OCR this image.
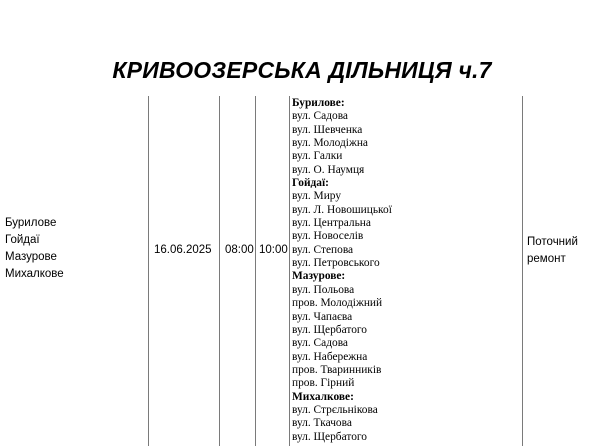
КРИВООЗЕРСЬКА ДІЛЬНИЦЯ ч.7
Бурилове
Гойдаї
Мазурове
Михалкове
16.06.2025	08:00 10:00
Бурилове:
вул. Садова
вул. Шевченка
вул. Молодіжна
вул. Галки
вул. О. Наумця
Гойдаї:
вул. Миру
вул. Л. Новошицької
вул. Центральна
вул. Новоселів
вул. Степова
вул. Петровського
Мазурове:
вул. Польова
пров. Молодіжний
вул. Чапаєва
вул. Щербатого
вул. Садова
вул. Набережна
пров. Тваринників
пров. Гірний
Михалкове:
вул. Стрєльнікова
вул. Ткачова
вул. Щербатого
Поточний
ремонт
